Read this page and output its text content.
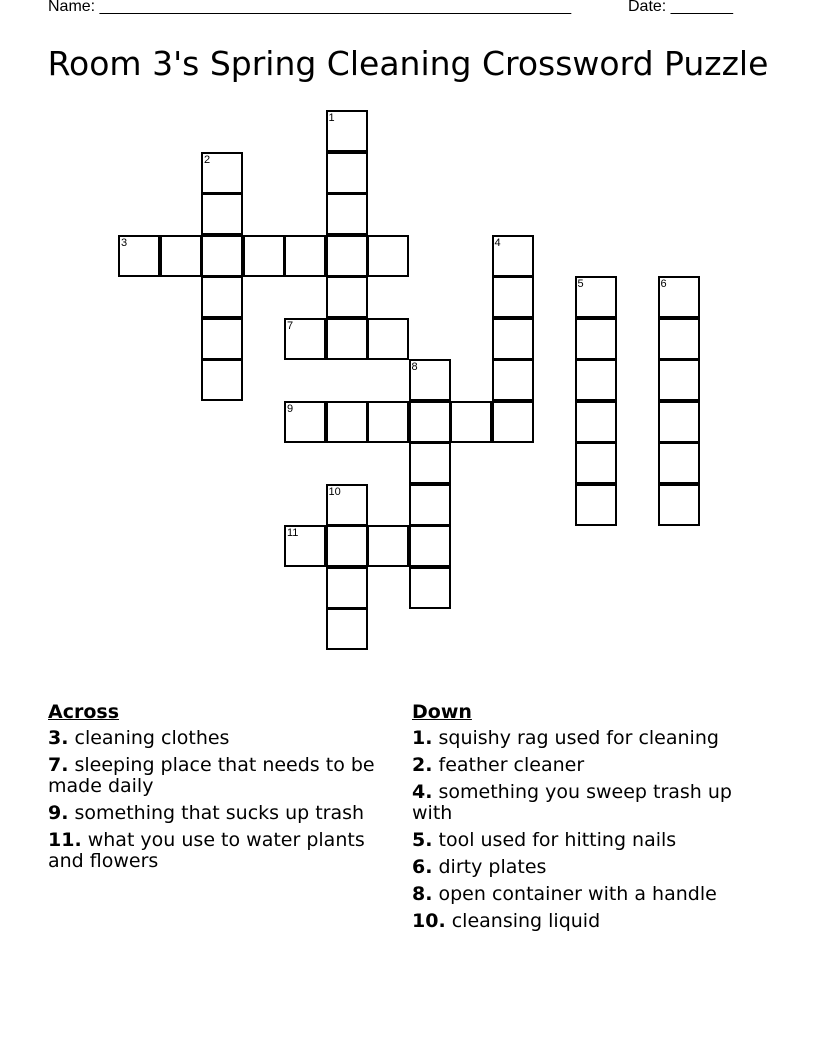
Name: _____________________________________________________	Date: _______
Room 3's Spring Cleaning Crossword Puzzle
1
2
3	4
5	6
7
8
9
10
11
Across
3. cleaning clothes
7. sleeping place that needs to be made daily
9. something that sucks up trash
11. what you use to water plants and flowers
Down
1. squishy rag used for cleaning
2. feather cleaner
4. something you sweep trash up with
5. tool used for hitting nails
6. dirty plates
8. open container with a handle
10. cleansing liquid
